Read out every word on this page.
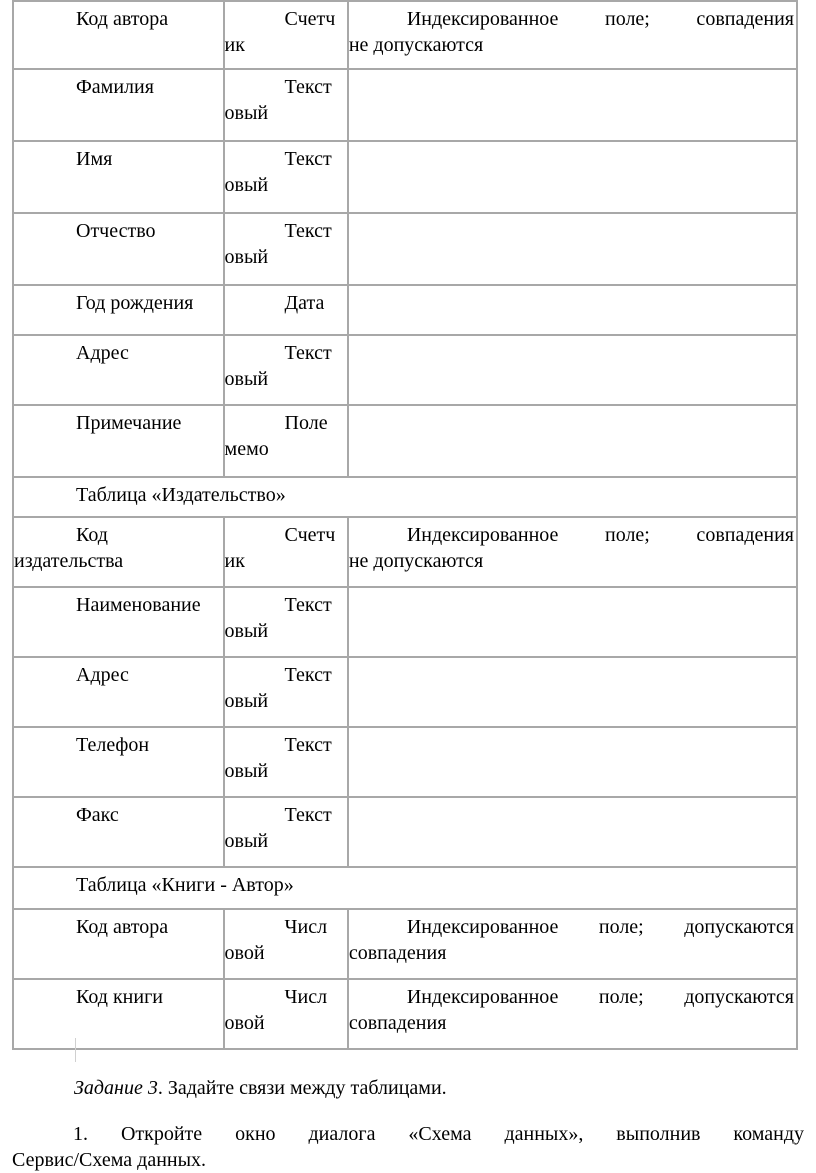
Код автора	Счетч
ик	Индексированное поле; совпадения
не допускаются

Фамилия	Текст
овый	

Имя	Текст
овый	

Отчество	Текст
овый	

Год рождения	Дата	

Адрес	Текст
овый	

Примечание	Поле
мемо	

Таблица «Издательство»		

Код
издательства	Счетч
ик	Индексированное поле; совпадения
не допускаются

Наименование	Текст
овый	

Адрес	Текст
овый	

Телефон	Текст
овый	

Факс	Текст
овый	

Таблица «Книги - Автор»		

Код автора	Числ
овой	Индексированное поле; допускаются
совпадения

Код книги	Числ
овой	Индексированное поле; допускаются
совпадения
Задание 3. Задайте связи между таблицами.
1. Откройте окно диалога «Схема данных», выполнив команду
Сервис/Схема данных.
